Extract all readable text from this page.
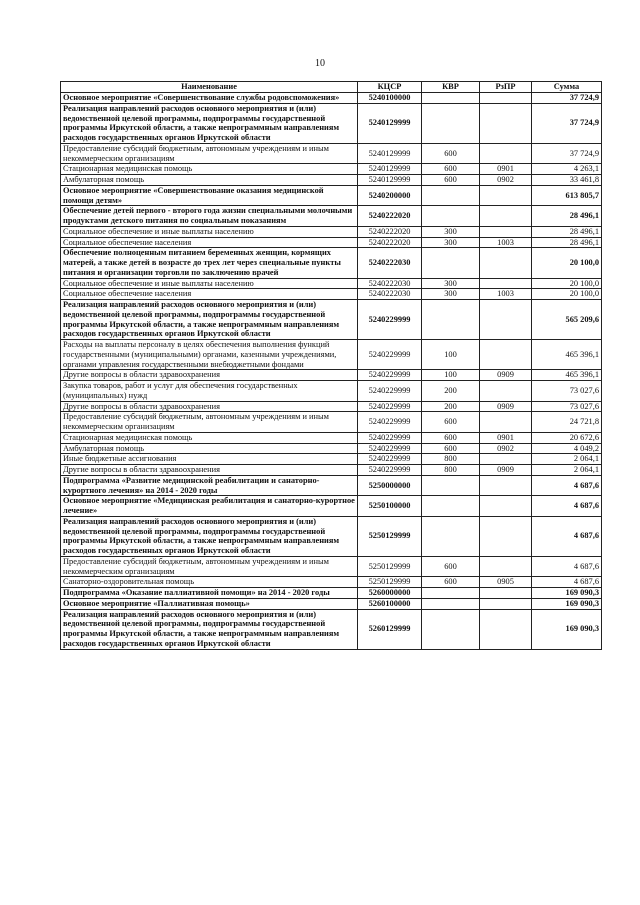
10
Наименование	КЦСР	КВР	РзПР	Сумма
Основное мероприятие «Совершенствование службы родовспоможения»	5240100000			37 724,9
Реализация направлений расходов основного мероприятия и (или) ведомственной целевой программы, подпрограммы государственной программы Иркутской области, а также непрограммным направлениям расходов государственных органов Иркутской области	5240129999			37 724,9
Предоставление субсидий бюджетным, автономным учреждениям и иным некоммерческим организациям	5240129999	600		37 724,9
Стационарная медицинская помощь	5240129999	600	0901	4 263,1
Амбулаторная помощь	5240129999	600	0902	33 461,8
Основное мероприятие «Совершенствование оказания медицинской помощи детям»	5240200000			613 805,7
Обеспечение детей первого - второго года жизни специальными молочными продуктами детского питания по социальным показаниям	5240222020			28 496,1
Социальное обеспечение и иные выплаты населению	5240222020	300		28 496,1
Социальное обеспечение населения	5240222020	300	1003	28 496,1
Обеспечение полноценным питанием беременных женщин, кормящих матерей, а также детей в возрасте до трех лет через специальные пункты питания и организации торговли по заключению врачей	5240222030			20 100,0
Социальное обеспечение и иные выплаты населению	5240222030	300		20 100,0
Социальное обеспечение населения	5240222030	300	1003	20 100,0
Реализация направлений расходов основного мероприятия и (или) ведомственной целевой программы, подпрограммы государственной программы Иркутской области, а также непрограммным направлениям расходов государственных органов Иркутской области	5240229999			565 209,6
Расходы на выплаты персоналу в целях обеспечения выполнения функций государственными (муниципальными) органами, казенными учреждениями, органами управления государственными внебюджетными фондами	5240229999	100		465 396,1
Другие вопросы в области здравоохранения	5240229999	100	0909	465 396,1
Закупка товаров, работ и услуг для обеспечения государственных (муниципальных) нужд	5240229999	200		73 027,6
Другие вопросы в области здравоохранения	5240229999	200	0909	73 027,6
Предоставление субсидий бюджетным, автономным учреждениям и иным некоммерческим организациям	5240229999	600		24 721,8
Стационарная медицинская помощь	5240229999	600	0901	20 672,6
Амбулаторная помощь	5240229999	600	0902	4 049,2
Иные бюджетные ассигнования	5240229999	800		2 064,1
Другие вопросы в области здравоохранения	5240229999	800	0909	2 064,1
Подпрограмма «Развитие медицинской реабилитации и санаторно-курортного лечения» на 2014 - 2020 годы	5250000000			4 687,6
Основное мероприятие «Медицинская реабилитация и санаторно-курортное лечение»	5250100000			4 687,6
Реализация направлений расходов основного мероприятия и (или) ведомственной целевой программы, подпрограммы государственной программы Иркутской области, а также непрограммным направлениям расходов государственных органов Иркутской области	5250129999			4 687,6
Предоставление субсидий бюджетным, автономным учреждениям и иным некоммерческим организациям	5250129999	600		4 687,6
Санаторно-оздоровительная помощь	5250129999	600	0905	4 687,6
Подпрограмма «Оказание паллиативной помощи» на 2014 - 2020 годы	5260000000			169 090,3
Основное мероприятие «Паллиативная помощь»	5260100000			169 090,3
Реализация направлений расходов основного мероприятия и (или) ведомственной целевой программы, подпрограммы государственной программы Иркутской области, а также непрограммным направлениям расходов государственных органов Иркутской области	5260129999			169 090,3
